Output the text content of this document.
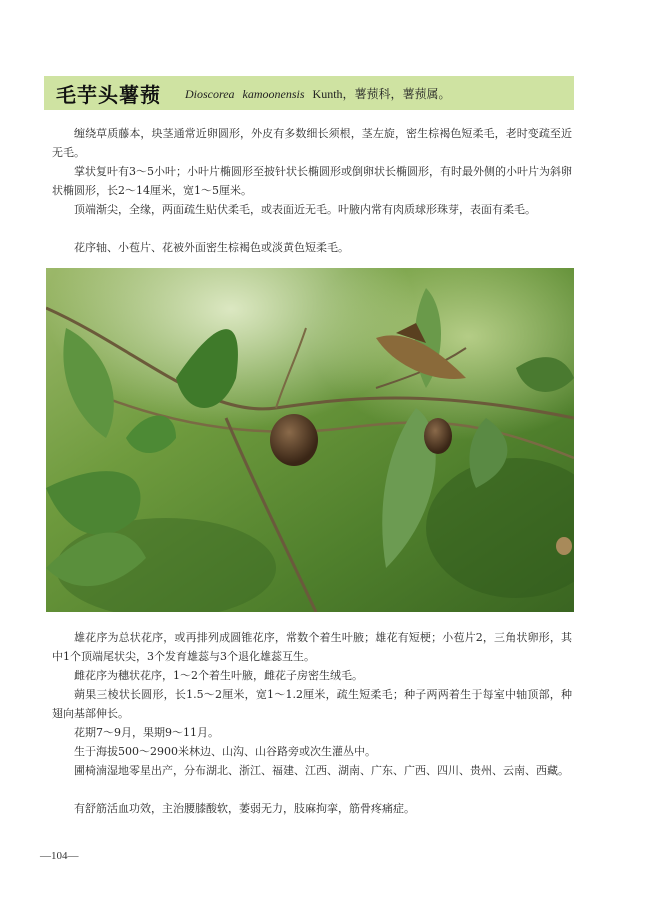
毛芋头薯蓣 Dioscorea kamoonensis Kunth，薯蓣科，薯蓣属。

缠绕草质藤本，块茎通常近卵圆形，外皮有多数细长须根，茎左旋，密生棕褐色短柔毛，老时变疏至近无毛。

掌状复叶有3～5小叶；小叶片椭圆形至披针状长椭圆形或倒卵状长椭圆形，有时最外侧的小叶片为斜卵状椭圆形，长2～14厘米，宽1～5厘米。

顶端渐尖，全缘，两面疏生贴伏柔毛，或表面近无毛。叶腋内常有肉质球形珠芽，表面有柔毛。

花序轴、小苞片、花被外面密生棕褐色或淡黄色短柔毛。

雄花序为总状花序，或再排列成圆锥花序，常数个着生叶腋；雄花有短梗；小苞片2，三角状卵形，其中1个顶端尾状尖，3个发育雄蕊与3个退化雄蕊互生。

雌花序为穗状花序，1～2个着生叶腋，雌花子房密生绒毛。

蒴果三棱状长圆形，长1.5～2厘米，宽1～1.2厘米，疏生短柔毛；种子两两着生于每室中轴顶部，种翅向基部伸长。

花期7～9月，果期9～11月。

生于海拔500～2900米林边、山沟、山谷路旁或次生灌丛中。

圃椅湳湿地零星出产，分布湖北、浙江、福建、江西、湖南、广东、广西、四川、贵州、云南、西藏。

有舒筋活血功效，主治腰膝酸软，萎弱无力，肢麻拘挛，筋骨疼痛症。

—104—
